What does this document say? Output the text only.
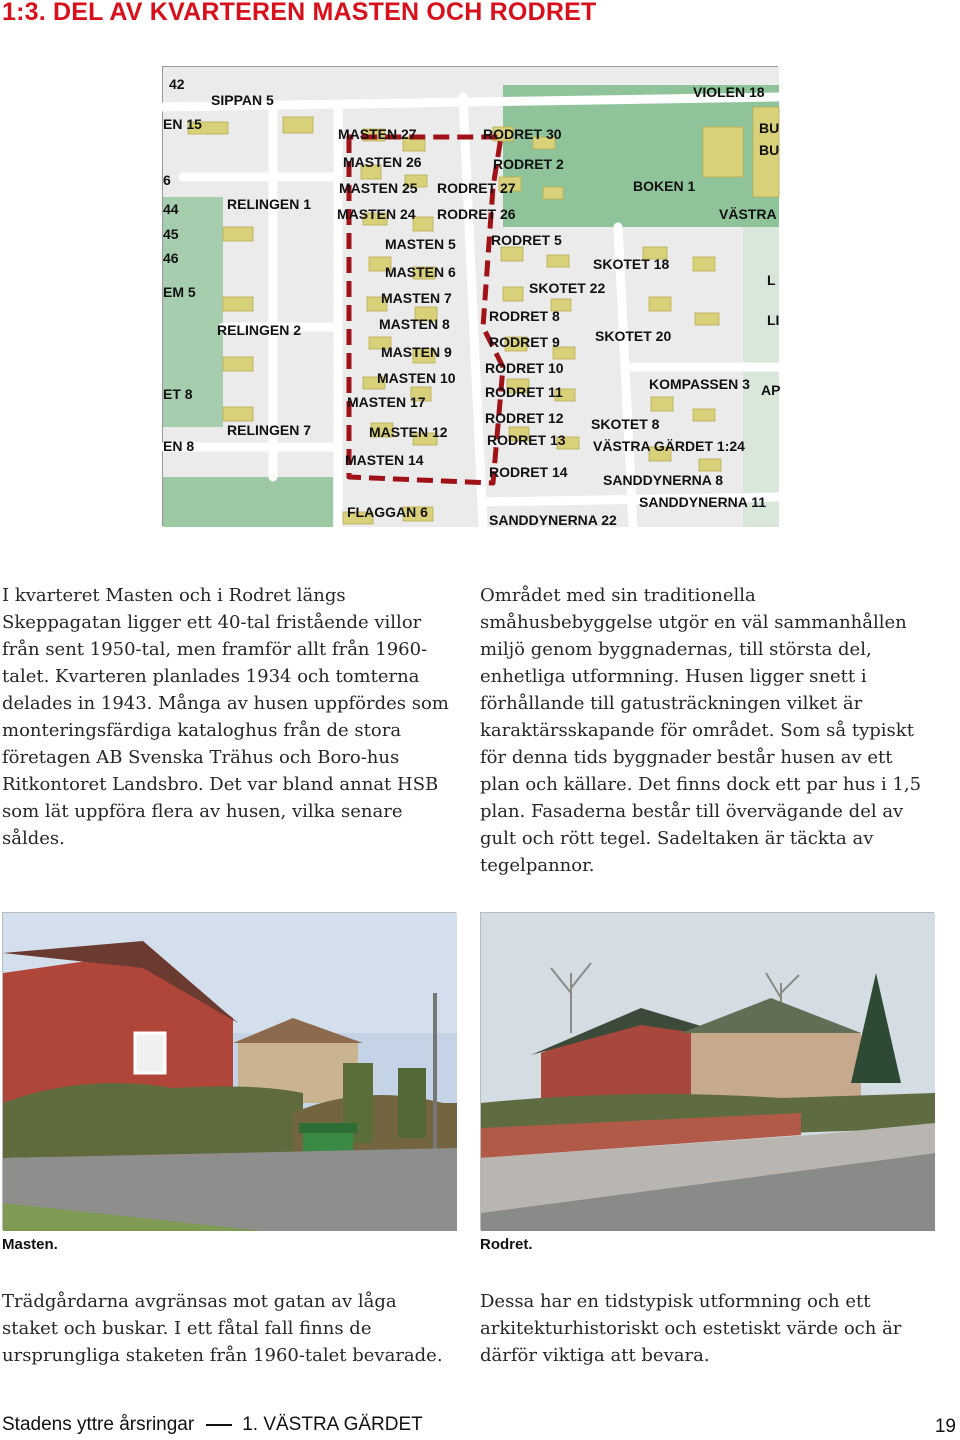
1:3. DEL AV KVARTEREN MASTEN OCH RODRET
SIPPAN 5
MASTEN 27	RODRET 30
VIOLEN 18
MASTEN 26	RODRET 2
MASTEN 25 RODRET 27
MASTEN 24 RODRET 26
BOKEN 1
VÄSTRA
RELINGEN 1
MASTEN 5	RODRET 5
SKOTET 18
MASTEN 6
SKOTET 22
MASTEN 7
RODRET 8
MASTEN 8
RODRET 9	SKOTET 20
RELINGEN 2
MASTEN 9
RODRET 10
MASTEN 10
RODRET 11	KOMPASSEN 3
MASTEN 17
RODRET 12 SKOTET 8
RELINGEN 7	MASTEN 12	RODRET 13 VÄSTRA GÄRDET 1:24
MASTEN 14
RODRET 14	SANDDYNERNA 8
FLAGGAN 6
SANDDYNERNA 11
SANDDYNERNA 22
EM 5
ET 8
EN 8
EN 15	BU
BU
L
LI
AP
44
45
46
42
6

I kvarteret Masten och i Rodret längs Skeppagatan ligger ett 40-tal fristående villor från sent 1950-tal, men framför allt från 1960-talet. Kvarteren planlades 1934 och tomterna delades in 1943. Många av husen uppfördes som monteringsfärdiga kataloghus från de stora företagen AB Svenska Trähus och Boro-hus Ritkontoret Landsbro. Det var bland annat HSB som lät uppföra flera av husen, vilka senare såldes.

Området med sin traditionella småhusbebyggelse utgör en väl sammanhållen miljö genom byggnadernas, till största del, enhetliga utformning. Husen ligger snett i förhållande till gatusträckningen vilket är karaktärsskapande för området. Som så typiskt för denna tids byggnader består husen av ett plan och källare. Det finns dock ett par hus i 1,5 plan. Fasaderna består till övervägande del av gult och rött tegel. Sadeltaken är täckta av tegelpannor.

Masten.	Rodret.

Trädgårdarna avgränsas mot gatan av låga staket och buskar. I ett fåtal fall finns de ursprungliga staketen från 1960-talet bevarade.

Dessa har en tidstypisk utformning och ett arkitekturhistoriskt och estetiskt värde och är därför viktiga att bevara.

Stadens yttre årsringar	1. VÄSTRA GÄRDET	19
